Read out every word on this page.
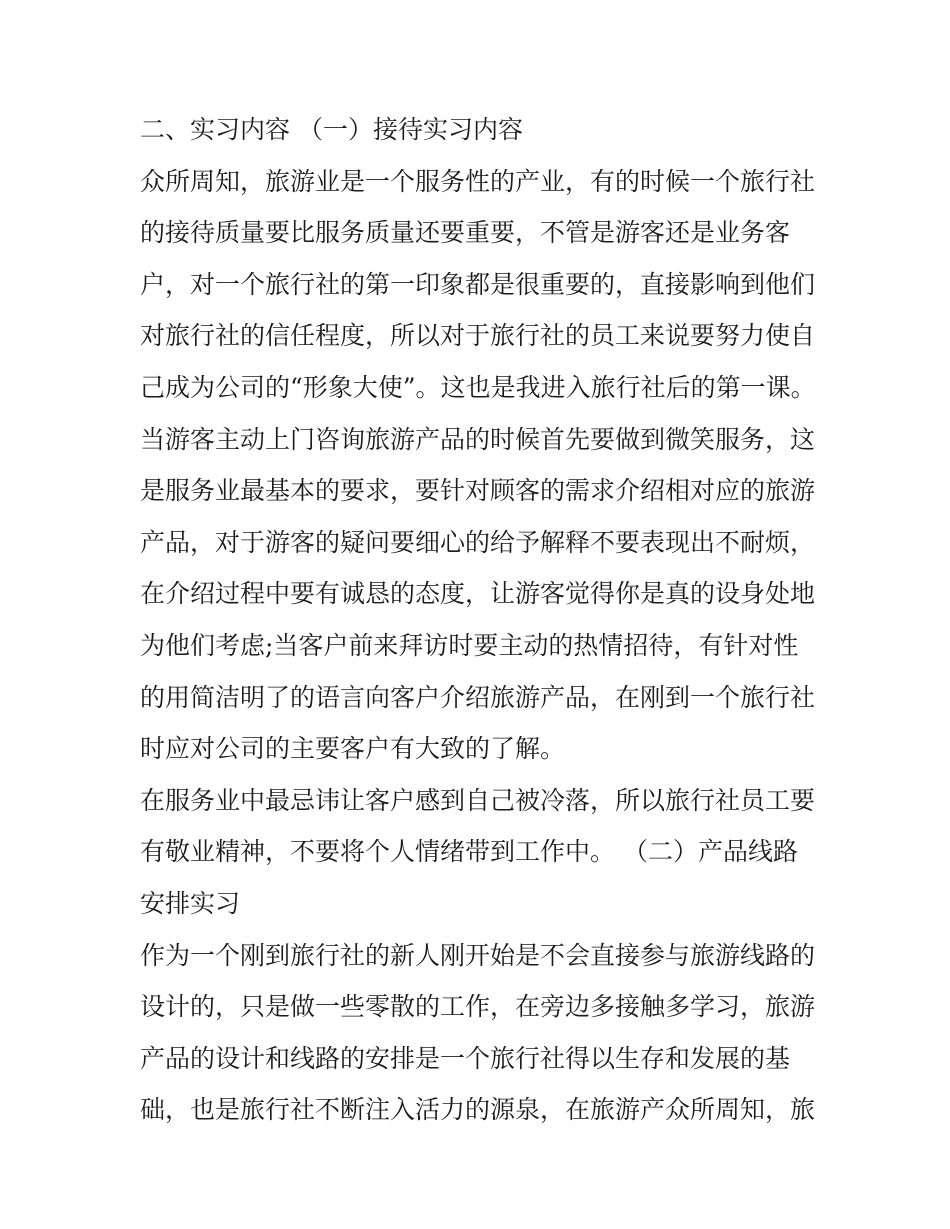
二、实习内容 （一）接待实习内容
众所周知，旅游业是一个服务性的产业，有的时候一个旅行社
的接待质量要比服务质量还要重要，不管是游客还是业务客
户，对一个旅行社的第一印象都是很重要的，直接影响到他们
对旅行社的信任程度，所以对于旅行社的员工来说要努力使自
己成为公司的“形象大使”。这也是我进入旅行社后的第一课。
当游客主动上门咨询旅游产品的时候首先要做到微笑服务，这
是服务业最基本的要求，要针对顾客的需求介绍相对应的旅游
产品，对于游客的疑问要细心的给予解释不要表现出不耐烦，
在介绍过程中要有诚恳的态度，让游客觉得你是真的设身处地
为他们考虑;当客户前来拜访时要主动的热情招待，有针对性
的用简洁明了的语言向客户介绍旅游产品，在刚到一个旅行社
时应对公司的主要客户有大致的了解。
在服务业中最忌讳让客户感到自己被冷落，所以旅行社员工要
有敬业精神，不要将个人情绪带到工作中。 （二）产品线路
安排实习
作为一个刚到旅行社的新人刚开始是不会直接参与旅游线路的
设计的，只是做一些零散的工作，在旁边多接触多学习，旅游
产品的设计和线路的安排是一个旅行社得以生存和发展的基
础，也是旅行社不断注入活力的源泉，在旅游产众所周知，旅
